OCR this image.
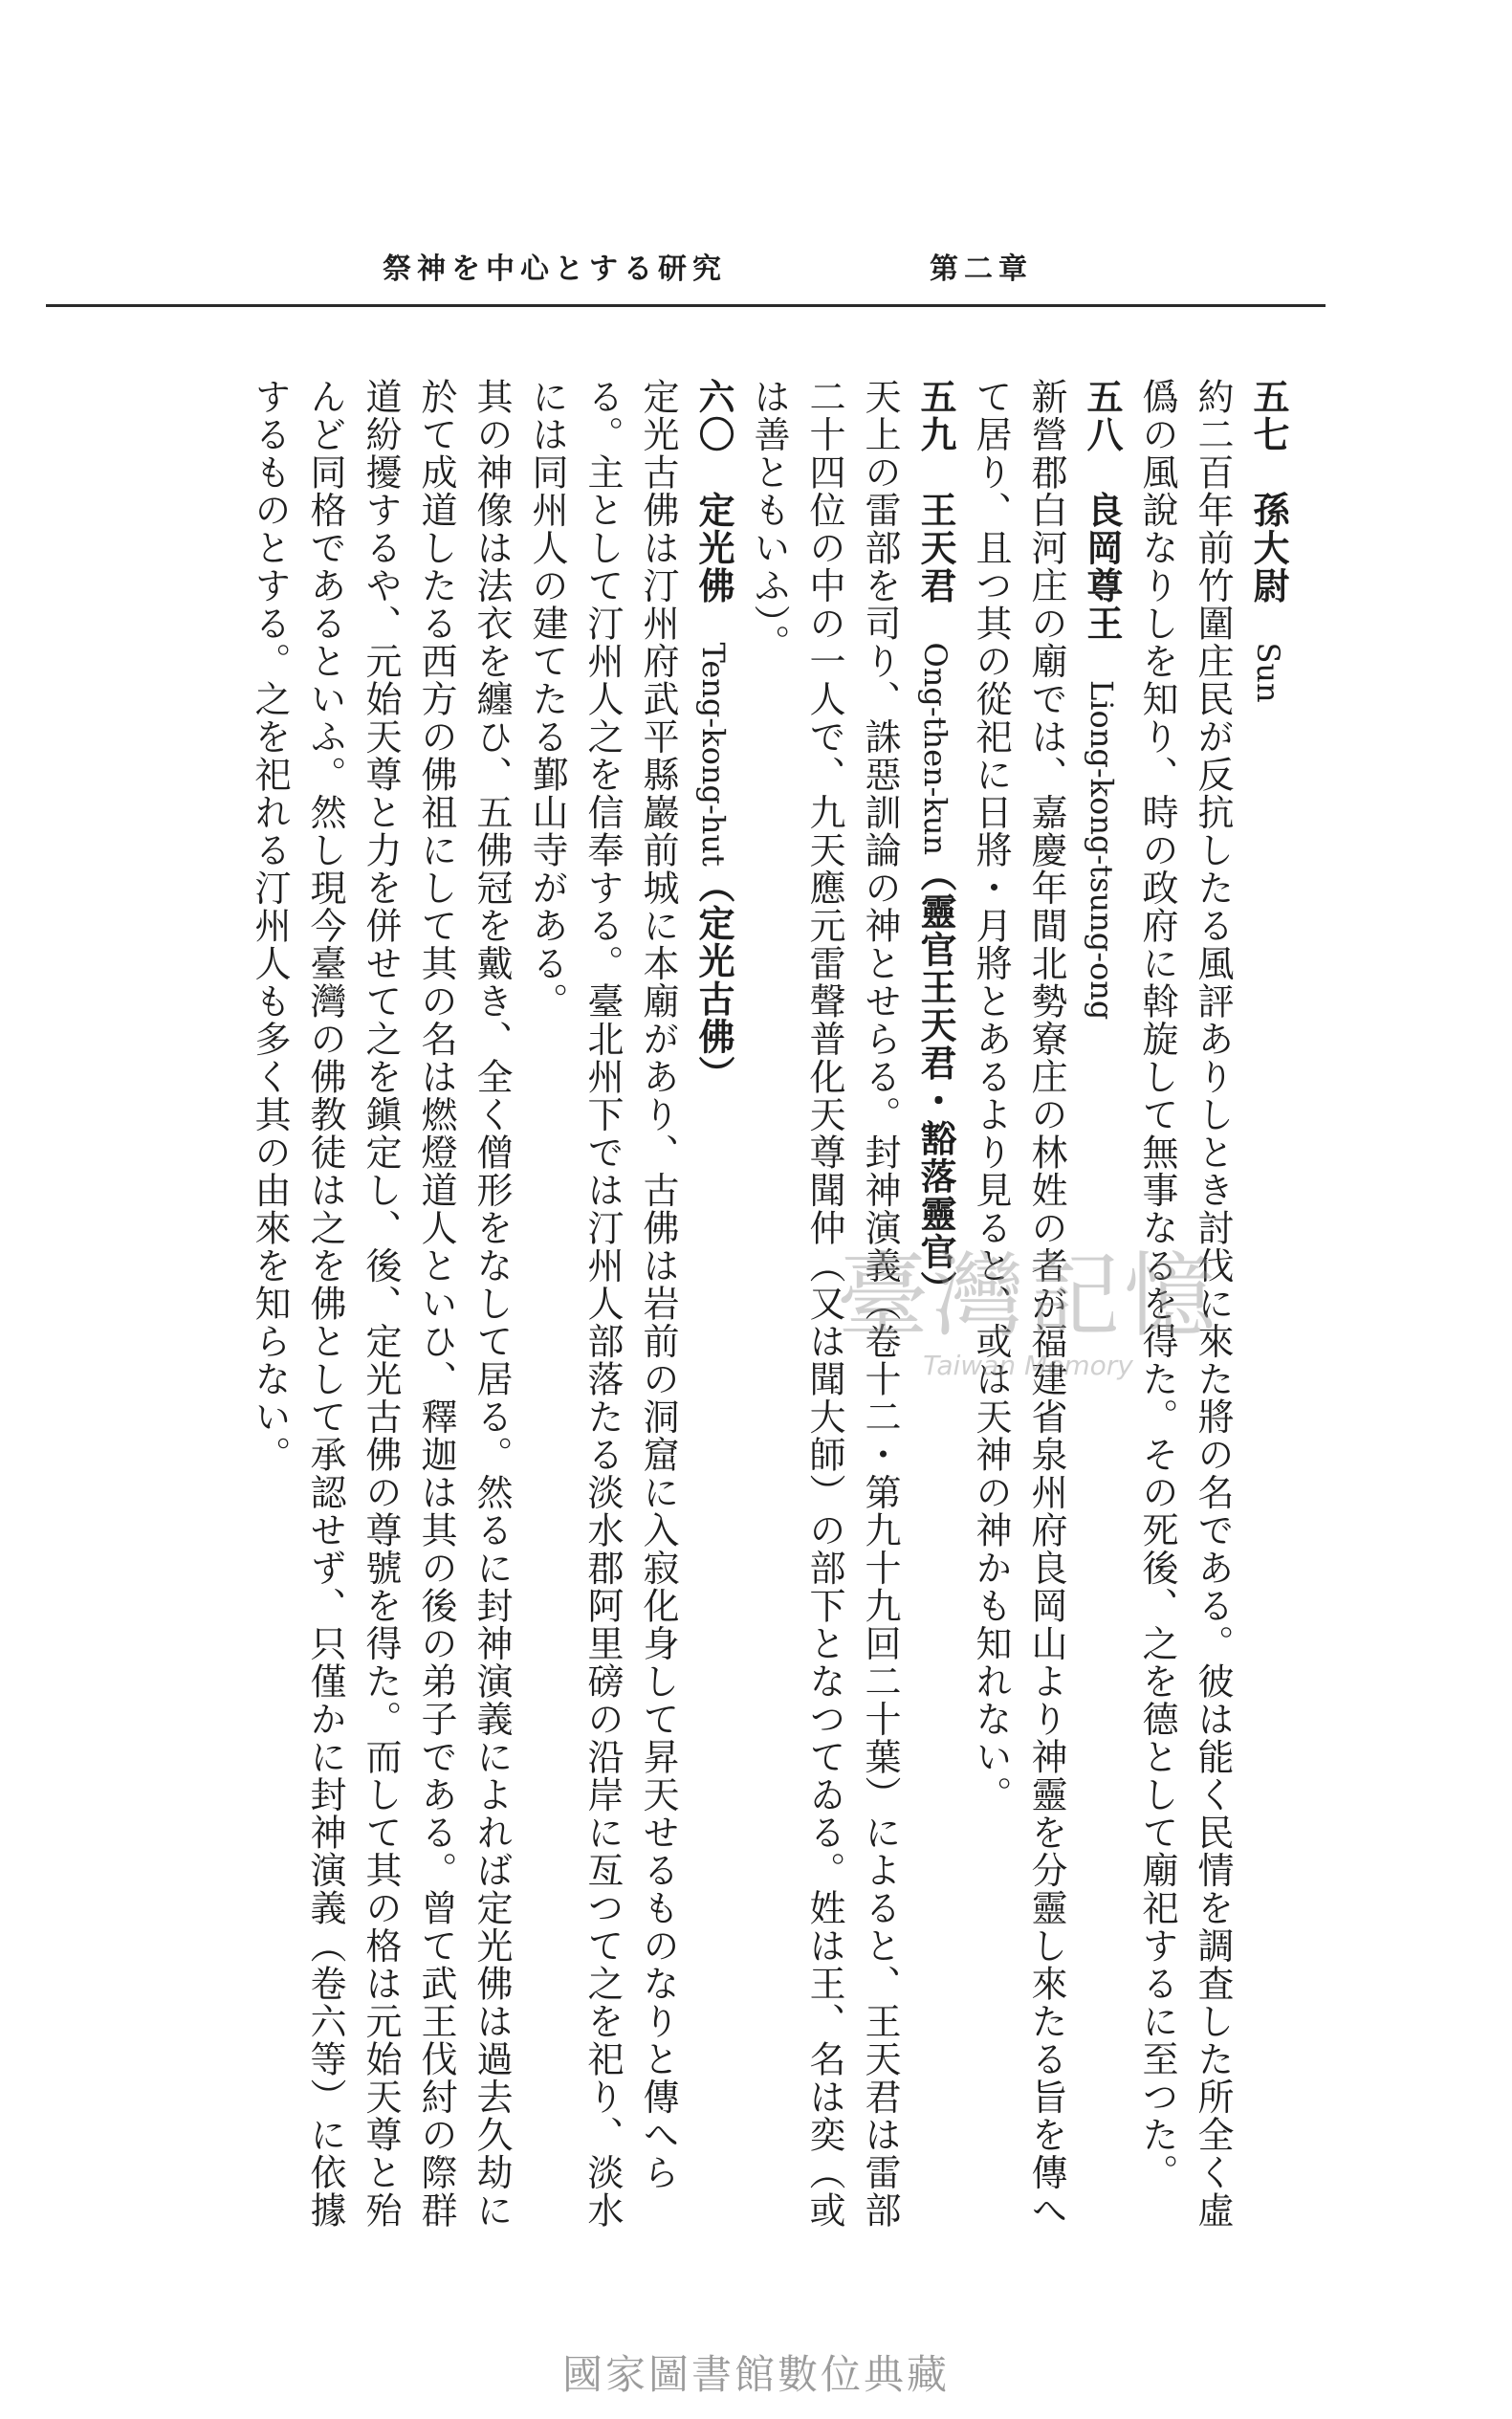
祭神を中心とする研究	第二章

五七　孫大尉　Sun

約二百年前竹圍庄民が反抗したる風評ありしとき討伐に來た將の名である。彼は能く民情を調査した所全く虛僞の風說なりしを知り、時の政府に斡旋して無事なるを得た。その死後、之を德として廟祀するに至つた。

五八　良岡尊王　Liong-kong-tsung-ong

新營郡白河庄の廟では、嘉慶年間北勢寮庄の林姓の者が福建省泉州府良岡山より神靈を分靈し來たる旨を傳へて居り、且つ其の從祀に日將・月將とあるより見ると、或は天神の神かも知れない。

五九　王天君　Ong-then-kun（靈官王天君・豁落靈官）

天上の雷部を司り、誅惡訓論の神とせらる。封神演義（卷十二・第九十九回二十葉）によると、王天君は雷部二十四位の中の一人で、九天應元雷聲普化天尊聞仲（又は聞大師）の部下となつてゐる。姓は王、名は奕（或は善ともいふ）。

六〇　定光佛　Teng-kong-hut（定光古佛）

定光古佛は汀州府武平縣巖前城に本廟があり、古佛は岩前の洞窟に入寂化身して昇天せるものなりと傳へらる。主として汀州人之を信奉する。臺北州下では汀州人部落たる淡水郡阿里磅の沿岸に亙つて之を祀り、淡水には同州人の建てたる鄞山寺がある。

其の神像は法衣を纏ひ、五佛冠を戴き、全く僧形をなして居る。然るに封神演義によれば定光佛は過去久劫に於て成道したる西方の佛祖にして其の名は燃燈道人といひ、釋迦は其の後の弟子である。曾て武王伐紂の際群道紛擾するや、元始天尊と力を併せて之を鎭定し、後、定光古佛の尊號を得た。而して其の格は元始天尊と殆んど同格であるといふ。然し現今臺灣の佛教徒は之を佛として承認せず、只僅かに封神演義（卷六等）に依據するものとする。之を祀れる汀州人も多く其の由來を知らない。	臺灣記憶
Taiwan Memory
國家圖書館數位典藏
